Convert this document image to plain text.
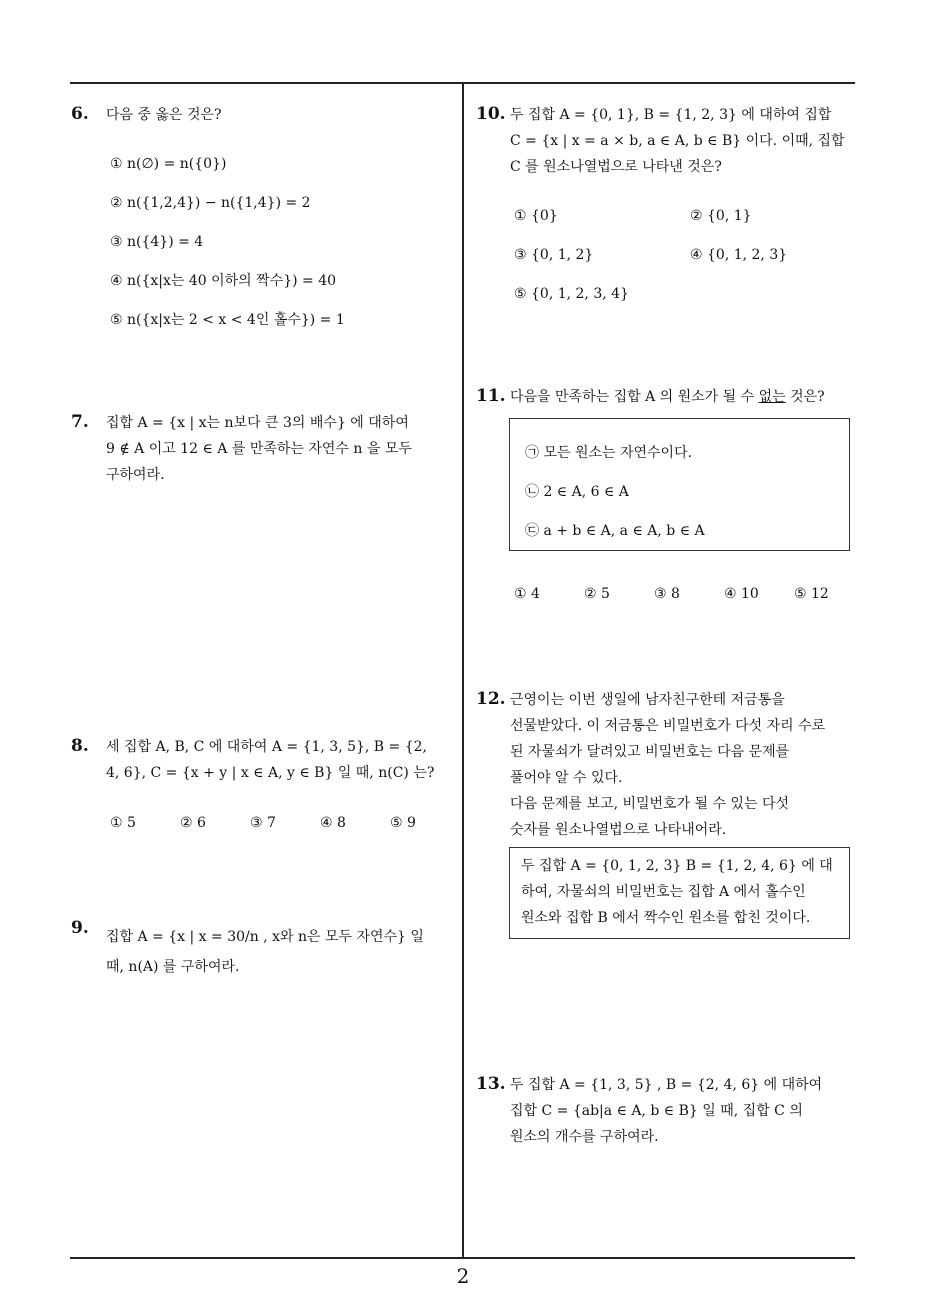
6. 다음 중 옳은 것은?
① n(∅) = n({0})
② n({1,2,4}) − n({1,4}) = 2
③ n({4}) = 4
④ n({x|x는 40 이하의 짝수}) = 40
⑤ n({x|x는 2 < x < 4인 홀수}) = 1
7. 집합 A = {x | x는 n보다 큰 3의 배수} 에 대하여
9 ∉ A 이고 12 ∈ A 를 만족하는 자연수 n 을 모두
구하여라.
8. 세 집합 A, B, C 에 대하여 A = {1, 3, 5}, B = {2,
4, 6}, C = {x + y | x ∈ A, y ∈ B} 일 때, n(C) 는?
① 5	② 6	③ 7	④ 8	⑤ 9
9. 집합 A = {x | x = 30/n , x와 n은 모두 자연수} 일
때, n(A) 를 구하여라.
10. 두 집합 A = {0, 1}, B = {1, 2, 3} 에 대하여 집합
C = {x | x = a × b, a ∈ A, b ∈ B} 이다. 이때, 집합
C 를 원소나열법으로 나타낸 것은?
① {0}	② {0, 1}
③ {0, 1, 2}	④ {0, 1, 2, 3}
⑤ {0, 1, 2, 3, 4}
11. 다음을 만족하는 집합 A 의 원소가 될 수 없는 것은?
㉠ 모든 원소는 자연수이다.
㉡ 2 ∈ A, 6 ∈ A
㉢ a + b ∈ A, a ∈ A, b ∈ A
① 4	② 5	③ 8	④ 10	⑤ 12
12. 근영이는 이번 생일에 남자친구한테 저금통을
선물받았다. 이 저금통은 비밀번호가 다섯 자리 수로
된 자물쇠가 달려있고 비밀번호는 다음 문제를
풀어야 알 수 있다.
다음 문제를 보고, 비밀번호가 될 수 있는 다섯
숫자를 원소나열법으로 나타내어라.
두 집합 A = {0, 1, 2, 3} B = {1, 2, 4, 6} 에 대
하여, 자물쇠의 비밀번호는 집합 A 에서 홀수인
원소와 집합 B 에서 짝수인 원소를 합친 것이다.
13. 두 집합 A = {1, 3, 5} , B = {2, 4, 6} 에 대하여
집합 C = {ab|a ∈ A, b ∈ B} 일 때, 집합 C 의
원소의 개수를 구하여라.
2
